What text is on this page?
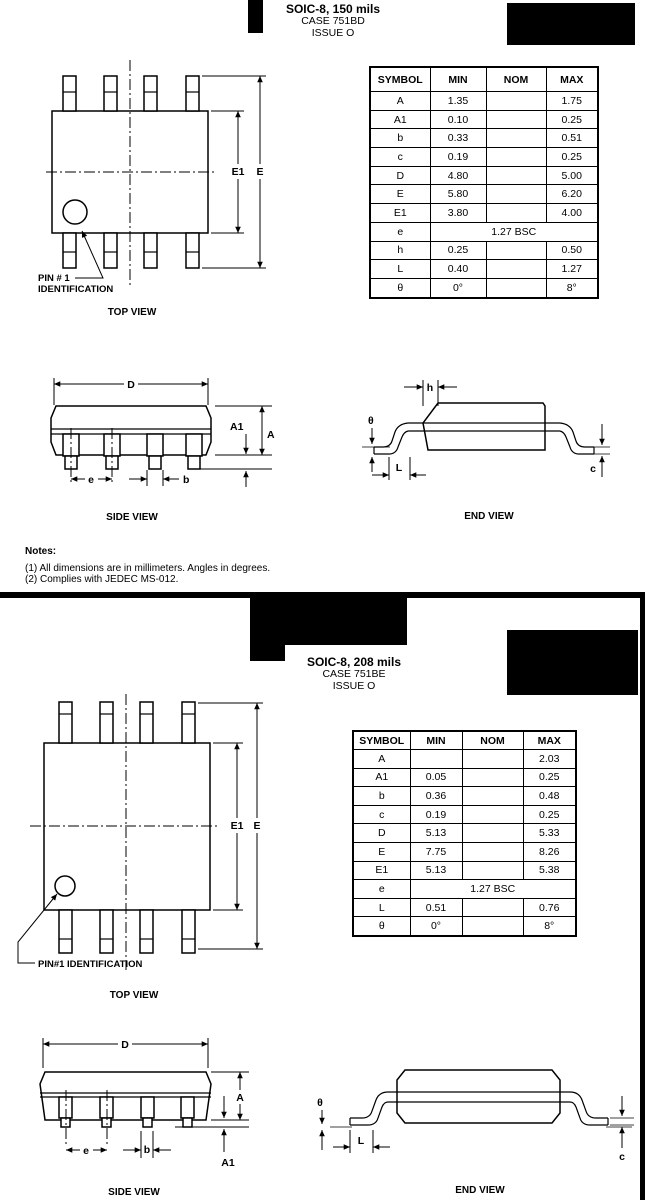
SOIC-8, 150 mils
CASE 751BD
ISSUE O
SYMBOL	MIN	NOM	MAX
A	1.35		1.75
A1	0.10		0.25
b	0.33		0.51
c	0.19		0.25
D	4.80		5.00
E	5.80		6.20
E1	3.80		4.00
e	1.27 BSC		
h	0.25		0.50
L	0.40		1.27
θ	0°		8°
E1 E
PIN # 1
IDENTIFICATION
TOP VIEW
D
A
A1
e	b
SIDE VIEW
h
θ
L	c
END VIEW
Notes:
(1) All dimensions are in millimeters. Angles in degrees.
(2) Complies with JEDEC MS-012.
SOIC-8, 208 mils
CASE 751BE
ISSUE O
SYMBOL	MIN	NOM	MAX
A			2.03
A1	0.05		0.25
b	0.36		0.48
c	0.19		0.25
D	5.13		5.33
E	7.75		8.26
E1	5.13		5.38
e	1.27 BSC		
L	0.51		0.76
θ	0°		8°
E1 E
PIN#1 IDENTIFICATION
TOP VIEW
D
A
A1
e	b
SIDE VIEW
θ
L
c
END VIEW
